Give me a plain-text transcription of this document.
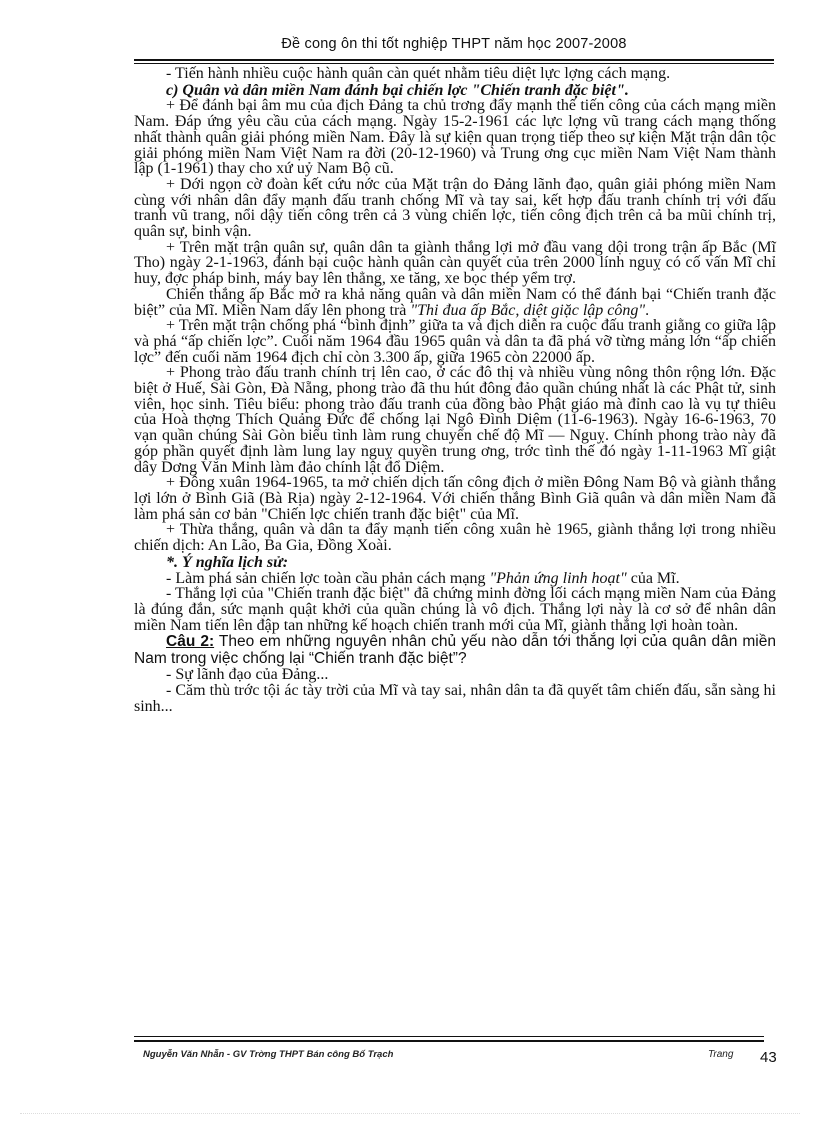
Đề cong ôn thi tốt nghiệp THPT năm học 2007-2008

- Tiến hành nhiều cuộc hành quân càn quét nhằm tiêu diệt lực lợng cách mạng.

c) Quân và dân miền Nam đánh bại chiến lợc "Chiến tranh đặc biệt".

+ Để đánh bại âm mu của địch Đảng ta chủ trơng đẩy mạnh thế tiến công của cách mạng miền Nam. Đáp ứng yêu cầu của cách mạng. Ngày 15-2-1961 các lực lợng vũ trang cách mạng thống nhất thành quân giải phóng miền Nam. Đây là sự kiện quan trọng tiếp theo sự kiện Mặt trận dân tộc giải phóng miền Nam Việt Nam ra đời (20-12-1960) và Trung ơng cục miền Nam Việt Nam thành lập (1-1961) thay cho xứ uỷ Nam Bộ cũ.

+ Dới ngọn cờ đoàn kết cứu nớc của Mặt trận do Đảng lãnh đạo, quân giải phóng miền Nam cùng với nhân dân đẩy mạnh đấu tranh chống Mĩ và tay sai, kết hợp đấu tranh chính trị với đấu tranh vũ trang, nổi dậy tiến công trên cả 3 vùng chiến lợc, tiến công địch trên cả ba mũi chính trị, quân sự, binh vận.

+ Trên mặt trận quân sự, quân dân ta giành thắng lợi mở đầu vang dội trong trận ấp Bắc (Mĩ Tho) ngày 2-1-1963, đánh bại cuộc hành quân càn quyết của trên 2000 lính nguỵ có cố vấn Mĩ chỉ huy, đợc pháp binh, máy bay lên thẳng, xe tăng, xe bọc thép yểm trợ.

Chiến thắng ấp Bắc mở ra khả năng quân và dân miền Nam có thể đánh bại “Chiến tranh đặc biệt” của Mĩ. Miền Nam dấy lên phong trà "Thi đua ấp Bắc, diệt giặc lập công".

+ Trên mặt trận chống phá “bình định” giữa ta và địch diễn ra cuộc đấu tranh giằng co giữa lập và phá “ấp chiến lợc”. Cuối năm 1964 đầu 1965 quân và dân ta đã phá vỡ từng mảng lớn “ấp chiến lợc” đến cuối năm 1964 địch chỉ còn 3.300 ấp, giữa 1965 còn 22000 ấp.

+ Phong trào đấu tranh chính trị lên cao, ở các đô thị và nhiều vùng nông thôn rộng lớn. Đặc biệt ở Huế, Sài Gòn, Đà Nẵng, phong trào đã thu hút đông đảo quần chúng nhất là các Phật tử, sinh viên, học sinh. Tiêu biểu: phong trào đấu tranh của đồng bào Phật giáo mà đỉnh cao là vụ tự thiêu của Hoà thợng Thích Quảng Đức để chống lại Ngô Đình Diệm (11-6-1963). Ngày 16-6-1963, 70 vạn quần chúng Sài Gòn biểu tình làm rung chuyển chế độ Mĩ — Nguỵ. Chính phong trào này đã góp phần quyết định làm lung lay nguỵ quyền trung ơng, trớc tình thế đó ngày 1-11-1963 Mĩ giật dây Dơng Văn Minh làm đảo chính lật đổ Diệm.

+ Đông xuân 1964-1965, ta mở chiến dịch tấn công địch ở miền Đông Nam Bộ và giành thắng lợi lớn ở Bình Giã (Bà Rịa) ngày 2-12-1964. Với chiến thắng Bình Giã quân và dân miền Nam đã làm phá sản cơ bản "Chiến lợc chiến tranh đặc biệt" của Mĩ.

+ Thừa thắng, quân và dân ta đẩy mạnh tiến công xuân hè 1965, giành thắng lợi trong nhiều chiến dịch: An Lão, Ba Gia, Đồng Xoài.

*. Ý nghĩa lịch sử:

- Làm phá sản chiến lợc toàn cầu phản cách mạng "Phản ứng linh hoạt" của Mĩ.

- Thắng lợi của "Chiến tranh đặc biệt" đã chứng minh đờng lối cách mạng miền Nam của Đảng là đúng đắn, sức mạnh quật khởi của quần chúng là vô địch. Thắng lợi này là cơ sở để nhân dân miền Nam tiến lên đập tan những kế hoạch chiến tranh mới của Mĩ, giành thắng lợi hoàn toàn.

Câu 2: Theo em những nguyên nhân chủ yếu nào dẫn tới thắng lợi của quân dân miền Nam trong việc chống lại “Chiến tranh đặc biệt”?

- Sự lãnh đạo của Đảng...

- Căm thù trớc tội ác tày trời của Mĩ và tay sai, nhân dân ta đã quyết tâm chiến đấu, sẵn sàng hi sinh...

Nguyễn Văn Nhẫn - GV Trờng THPT Bán công Bố Trạch	Trang 43
